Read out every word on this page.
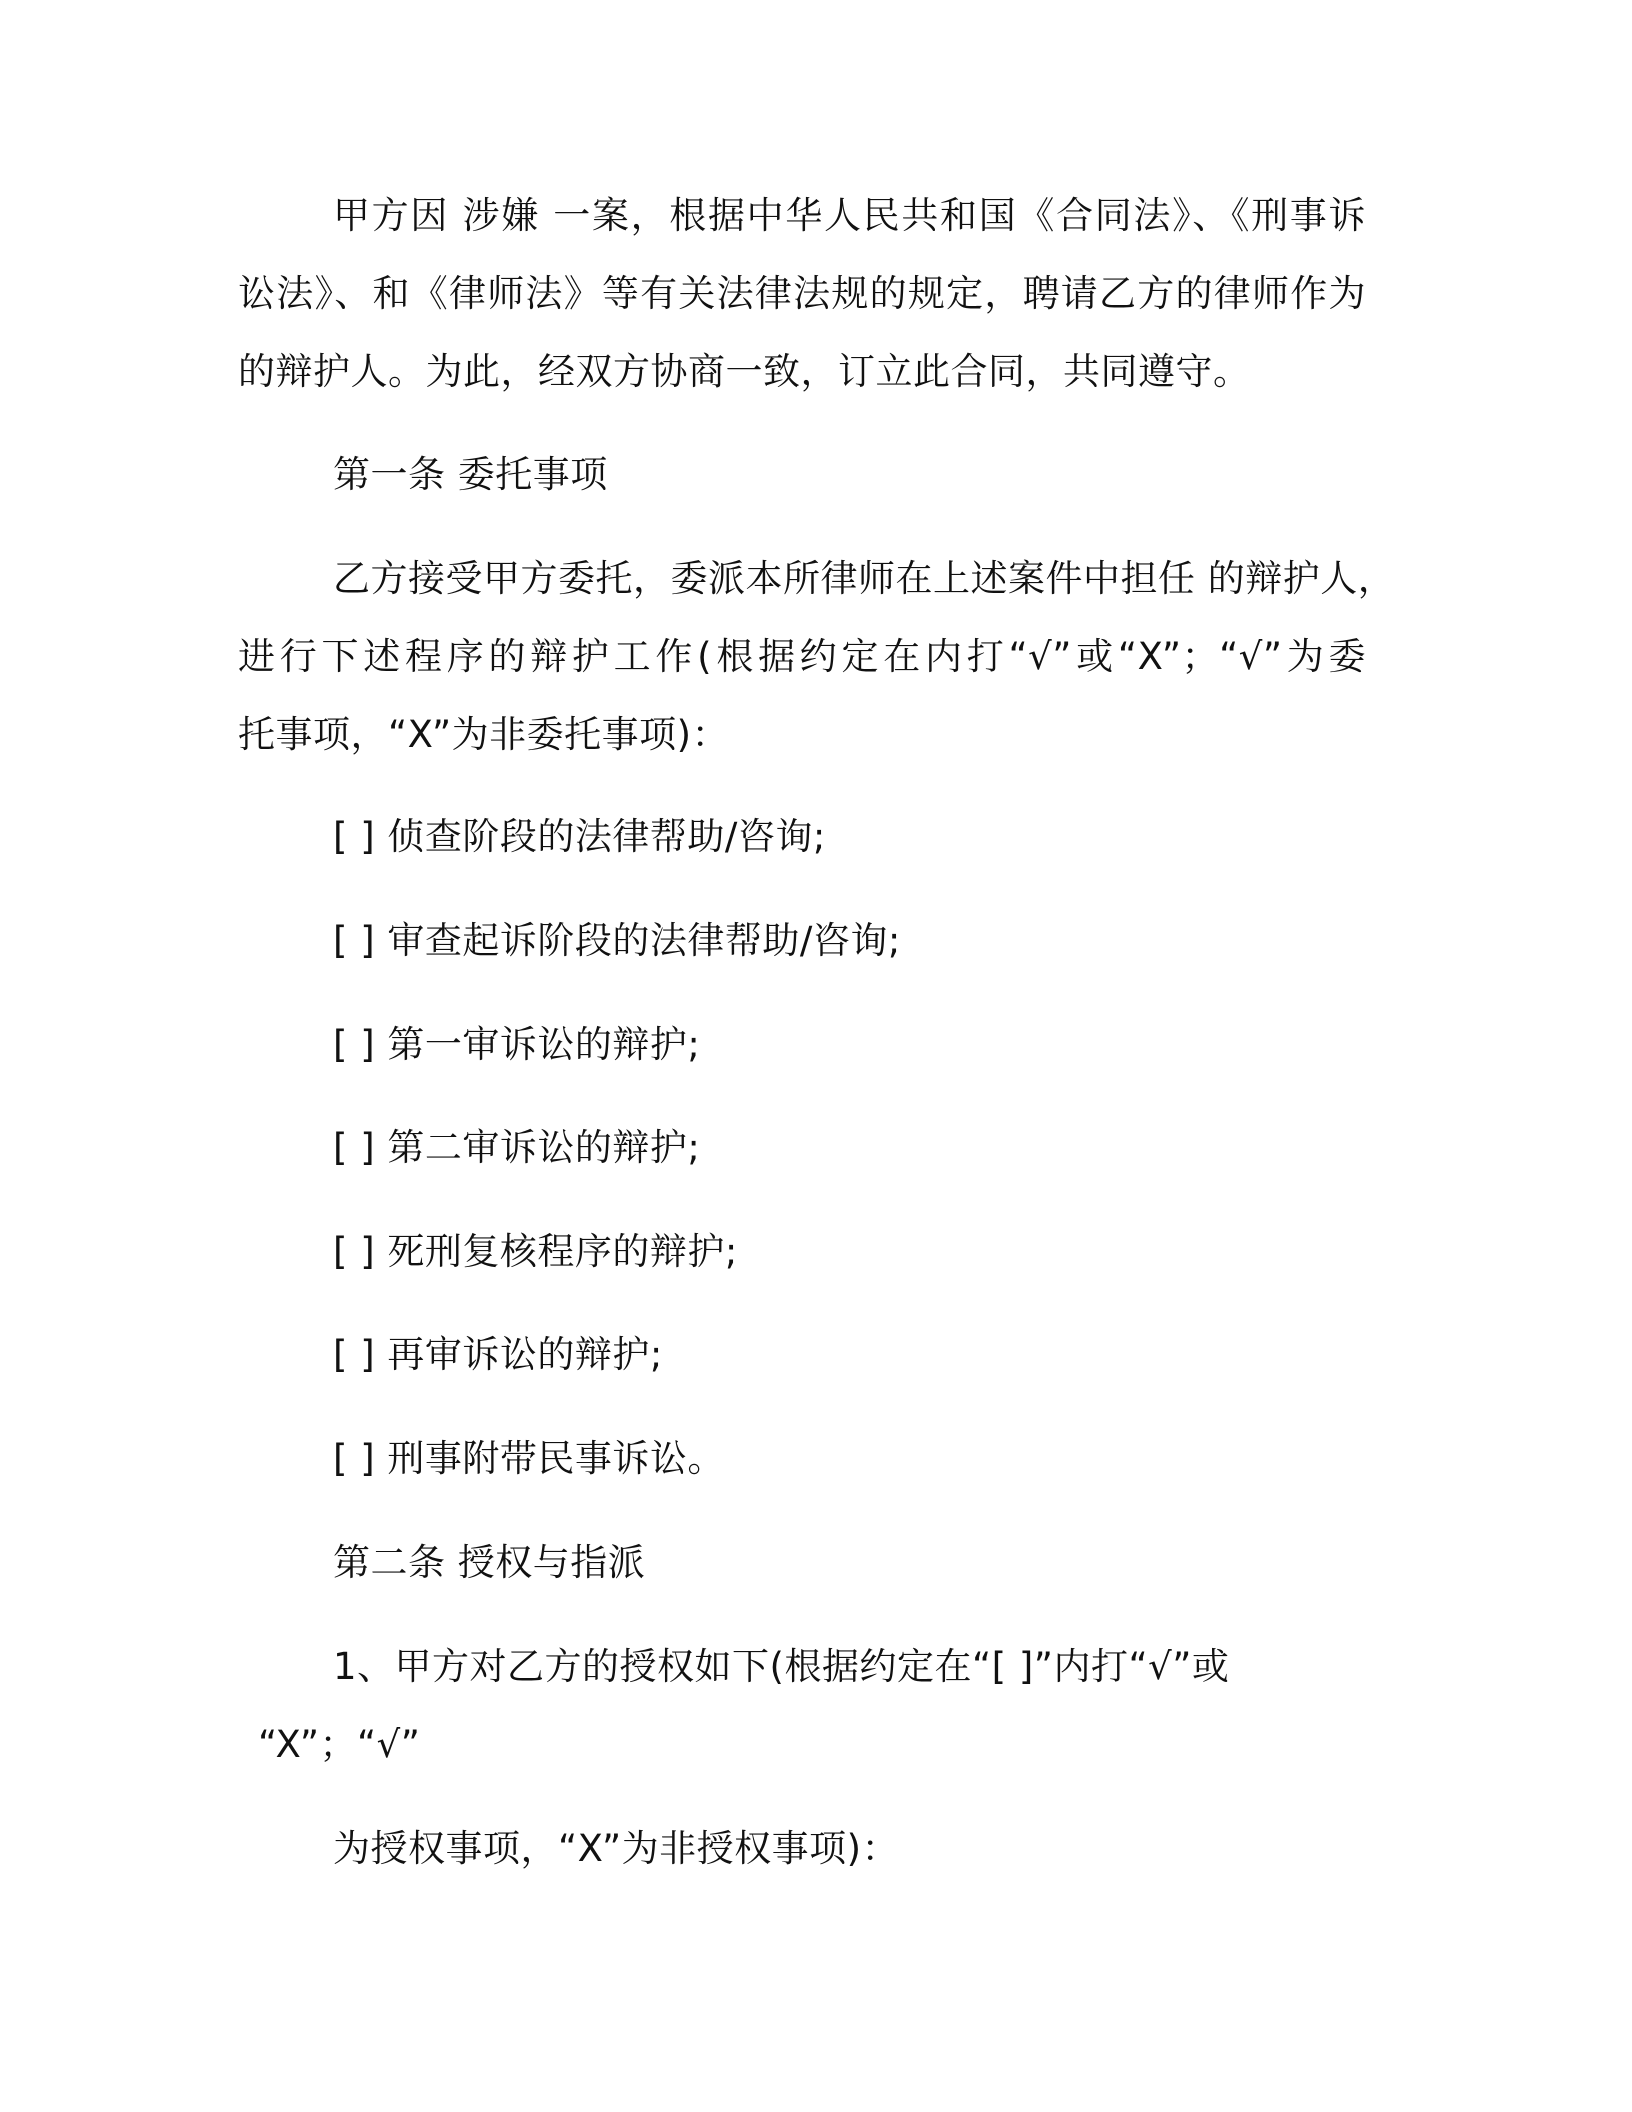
甲方因 涉嫌 一案，根据中华人民共和国《合同法》、《刑事诉

讼法》、和《律师法》等有关法律法规的规定，聘请乙方的律师作为

的辩护人。为此，经双方协商一致，订立此合同，共同遵守。

第一条 委托事项

乙方接受甲方委托，委派本所律师在上述案件中担任 的辩护人，

进行下述程序的辩护工作(根据约定在内打“√”或“X”；“√”为委

托事项，“X”为非委托事项)：

[ ] 侦查阶段的法律帮助/咨询;

[ ] 审查起诉阶段的法律帮助/咨询;

[ ] 第一审诉讼的辩护;

[ ] 第二审诉讼的辩护;

[ ] 死刑复核程序的辩护;

[ ] 再审诉讼的辩护;

[ ] 刑事附带民事诉讼。

第二条 授权与指派

1、甲方对乙方的授权如下(根据约定在“[ ]”内打“√”或

“X”；“√”

为授权事项，“X”为非授权事项)：
